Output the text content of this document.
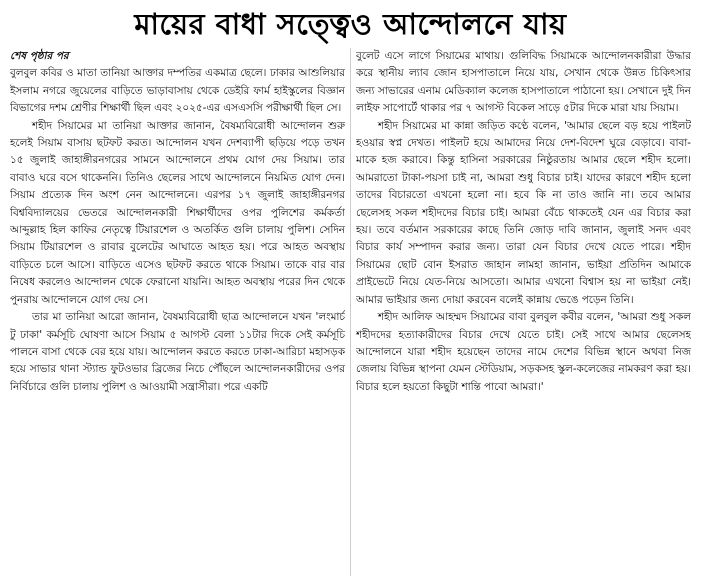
মায়ের বাধা সত্ত্বেও আন্দোলনে যায়
শেষ পৃষ্ঠার পর

বুলবুল কবির ও মাতা তানিয়া আক্তার দম্পতির একমাত্র ছেলে। ঢাকার আশুলিয়ার ইসলাম নগরে জুয়েলের বাড়িতে ভাড়াবাসায় থেকে ডেইরি ফার্ম হাইস্কুলের বিজ্ঞান বিভাগের দশম শ্রেণীর শিক্ষার্থী ছিল এবং ২০২৫-এর এসএসসি পরীক্ষার্থী ছিল সে।

শহীদ সিয়ামের মা তানিয়া আক্তার জানান, বৈষম্যবিরোধী আন্দোলন শুরু হলেই সিয়াম বাসায় ছটফট করত। আন্দোলন যখন দেশব্যাপী ছড়িয়ে পড়ে তখন ১৫ জুলাই জাহাঙ্গীরনগরের সামনে আন্দোলনে প্রথম যোগ দেয় সিয়াম। তার বাবাও ঘরে বসে থাকেননি। তিনিও ছেলের সাথে আন্দোলনে নিয়মিত যোগ দেন। সিয়াম প্রত্যেক দিন অংশ নেন আন্দোলনে। এরপর ১৭ জুলাই জাহাঙ্গীরনগর বিশ্ববিদ্যালয়ের ভেতরে আন্দোলনকারী শিক্ষার্থীদের ওপর পুলিশের কর্মকর্তা আব্দুল্লাহ হিল কাফির নেতৃত্বে টিয়ারশেল ও অতর্কিত গুলি চালায় পুলিশ। সেদিন সিয়াম টিয়ারশেল ও রাবার বুলেটের আঘাতে আহত হয়। পরে আহত অবস্থায় বাড়িতে চলে আসে। বাড়িতে এসেও ছটফট করতে থাকে সিয়াম। তাকে বার বার নিষেধ করলেও আন্দোলন থেকে ফেরানো যায়নি। আহত অবস্থায় পরের দিন থেকে পুনরায় আন্দোলনে যোগ দেয় সে।

তার মা তানিয়া আরো জানান, বৈষম্যবিরোধী ছাত্র আন্দোলনে যখন 'লংমার্চ টু ঢাকা' কর্মসূচি ঘোষণা আসে সিয়াম ৫ আগস্ট বেলা ১১টার দিকে সেই কর্মসূচি পালনে বাসা থেকে বের হয়ে যায়। আন্দোলন করতে করতে ঢাকা-আরিচা মহাসড়ক হয়ে সাভার থানা স্ট্যান্ড ফুটওভার ব্রিজের নিচে পৌঁছলে আন্দোলনকারীদের ওপর নির্বিচারে গুলি চালায় পুলিশ ও আওয়ামী সন্ত্রাসীরা। পরে একটি

বুলেট এসে লাগে সিয়ামের মাথায়। গুলিবিদ্ধ সিয়ামকে আন্দোলনকারীরা উদ্ধার করে স্থানীয় ল্যাব জোন হাসপাতালে নিয়ে যায়, সেখান থেকে উন্নত চিকিৎসার জন্য সাভারের এনাম মেডিক্যাল কলেজ হাসপাতালে পাঠানো হয়। সেখানে দুই দিন লাইফ সাপোর্টে থাকার পর ৭ আগস্ট বিকেল সাড়ে ৫টার দিকে মারা যায় সিয়াম।

শহীদ সিয়ামের মা কান্না জড়িত কণ্ঠে বলেন, 'আমার ছেলে বড় হয়ে পাইলট হওয়ার স্বপ্ন দেখত। পাইলট হয়ে আমাদের নিয়ে দেশ-বিদেশ ঘুরে বেড়াবে। বাবা-মাকে হজ করাবে। কিন্তু হাসিনা সরকারের নিষ্ঠুরতায় আমার ছেলে শহীদ হলো। আমরাতো টাকা-পয়সা চাই না, আমরা শুধু বিচার চাই। যাদের কারণে শহীদ হলো তাদের বিচারতো এখনো হলো না। হবে কি না তাও জানি না। তবে আমার ছেলেসহ সকল শহীদদের বিচার চাই। আমরা বেঁচে থাকতেই যেন এর বিচার করা হয়। তবে বর্তমান সরকারের কাছে তিনি জোড় দাবি জানান, জুলাই সনদ এবং বিচার কার্য সম্পাদন করার জন্য। তারা যেন বিচার দেখে যেতে পারে। শহীদ সিয়ামের ছোট বোন ইসরাত জাহান লামহা জানান, ভাইয়া প্রতিদিন আমাকে প্রাইভেটে নিয়ে যেত-নিয়ে আসতো। আমার এখনো বিশ্বাস হয় না ভাইয়া নেই। আমার ভাইয়ার জন্য দোয়া করবেন বলেই কান্নায় ভেঙে পড়েন তিনি।

শহীদ আলিফ আহম্মদ সিয়ামের বাবা বুলবুল কবীর বলেন, 'আমরা শুধু সকল শহীদদের হত্যাকারীদের বিচার দেখে যেতে চাই। সেই সাথে আমার ছেলেসহ আন্দোলনে যারা শহীদ হয়েছেন তাদের নামে দেশের বিভিন্ন স্থানে অথবা নিজ জেলায় বিভিন্ন স্থাপনা যেমন স্টেডিয়াম, সড়কসহ স্কুল-কলেজের নামকরণ করা হয়। বিচার হলে হয়তো কিছুটা শান্তি পাবো আমরা।'
